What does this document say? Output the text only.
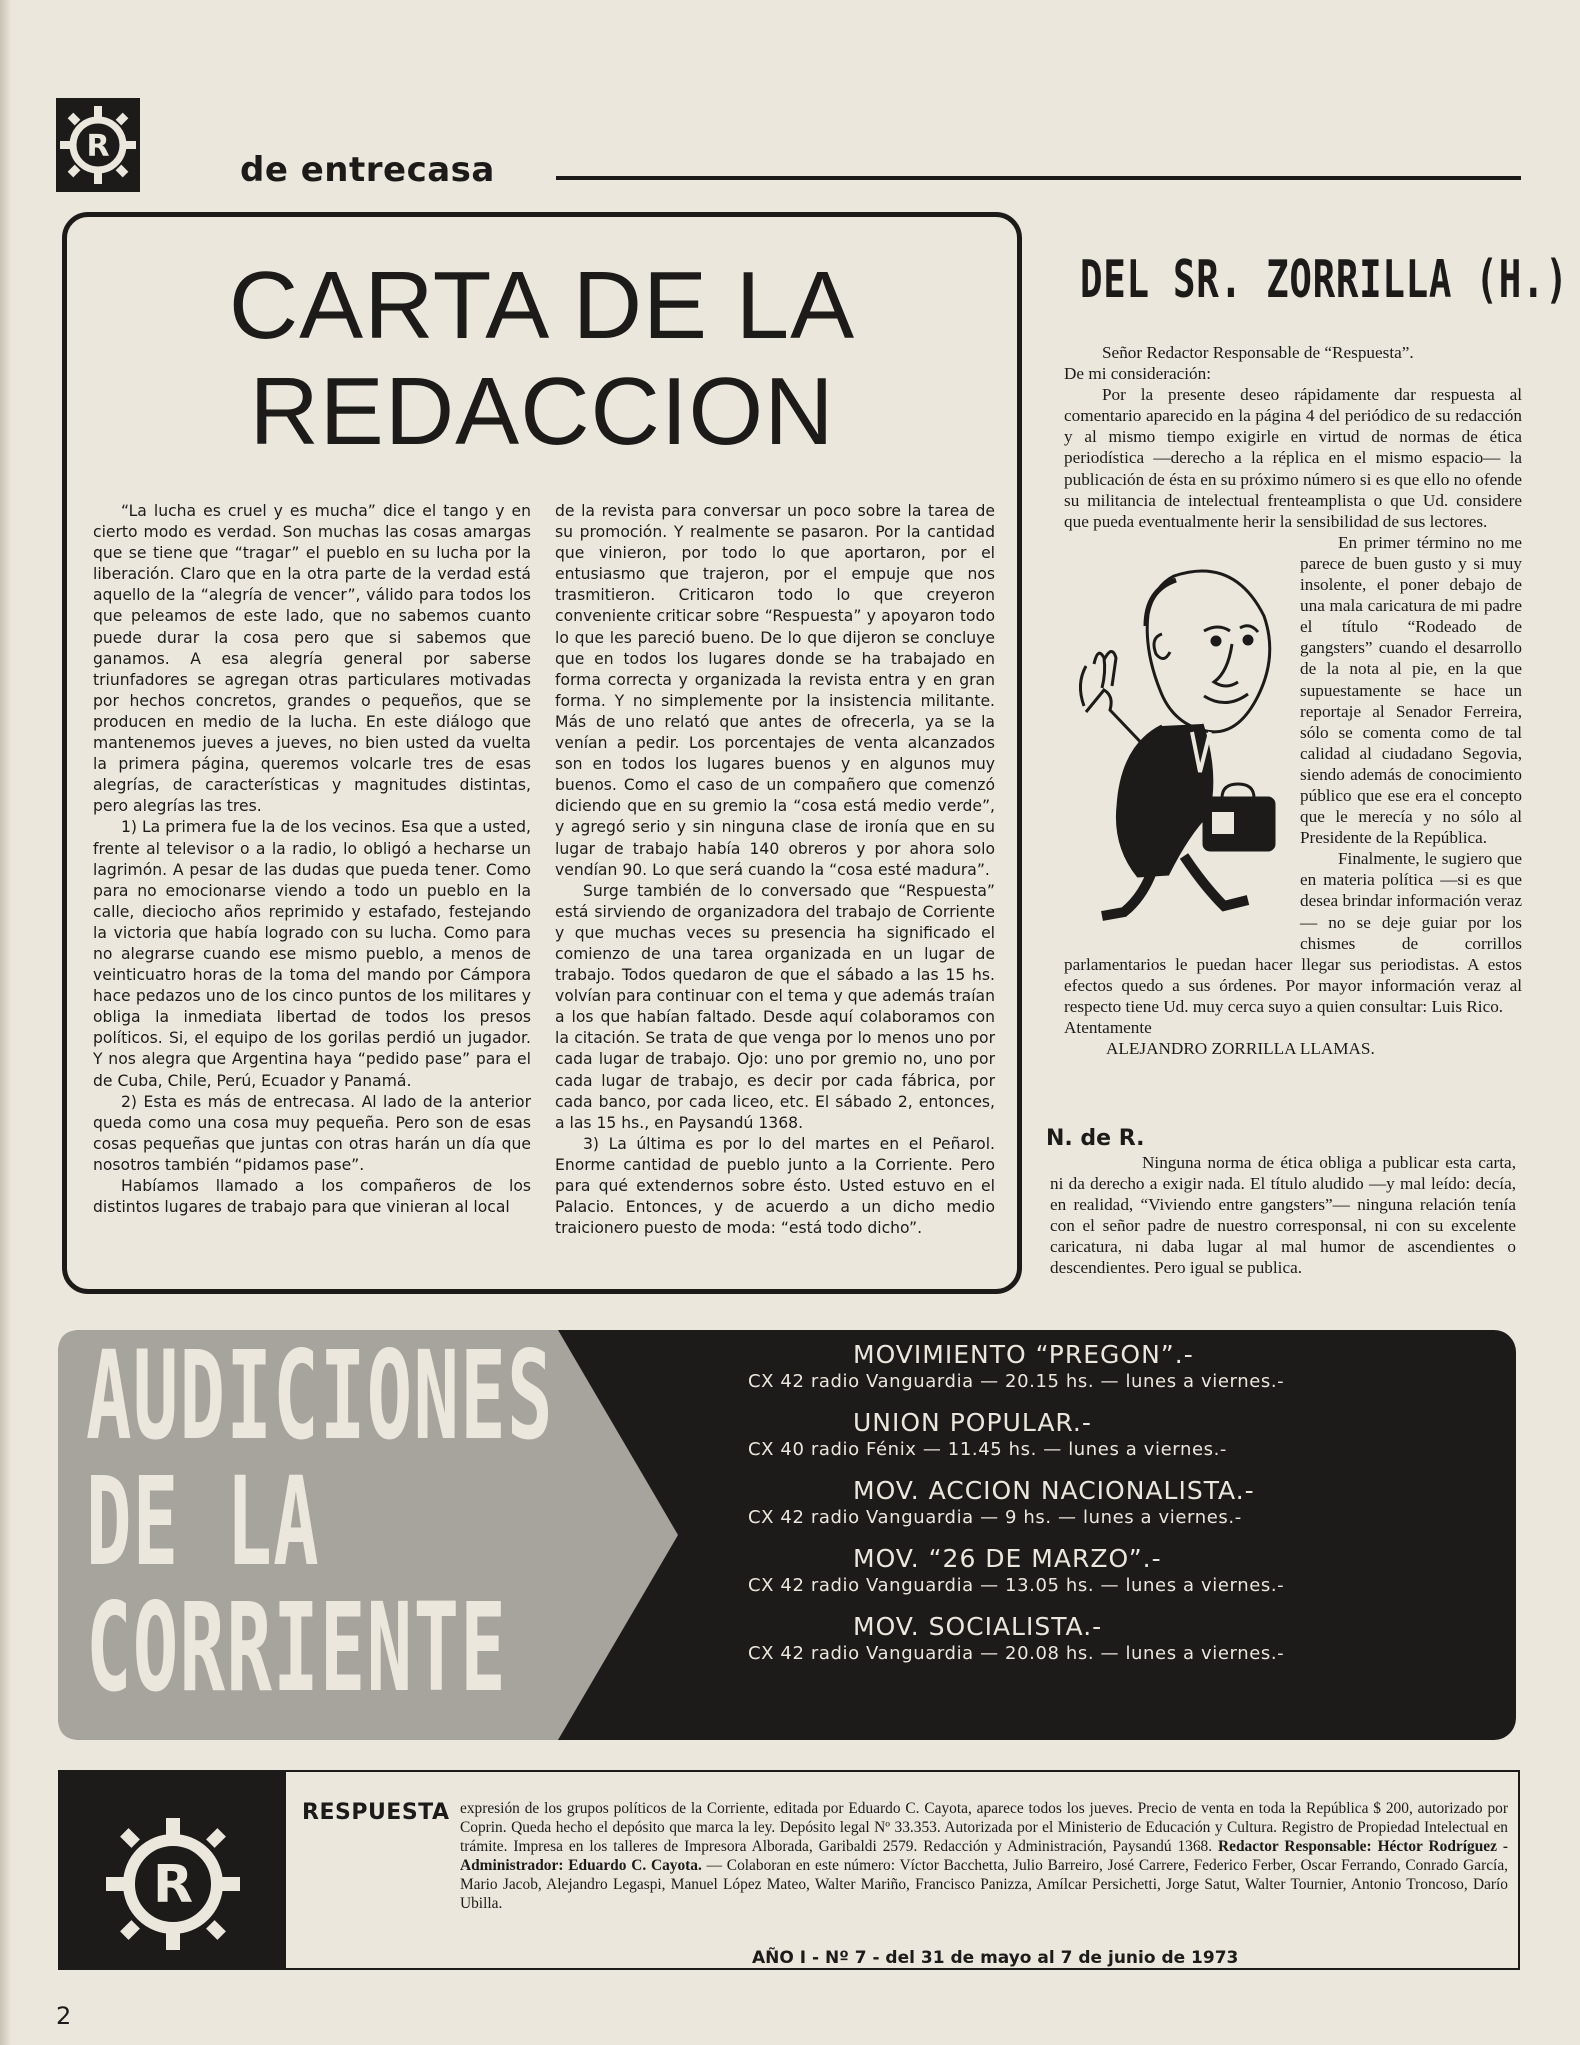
R
de entrecasa
CARTA DE LA
REDACCION

“La lucha es cruel y es mucha” dice el tango y en cierto modo es verdad. Son muchas las cosas amargas que se tiene que “tragar” el pueblo en su lucha por la liberación. Claro que en la otra parte de la verdad está aquello de la “alegría de vencer”, válido para todos los que peleamos de este lado, que no sabemos cuanto puede durar la cosa pero que si sabemos que ganamos. A esa alegría general por saberse triunfadores se agregan otras particulares motivadas por hechos concretos, grandes o pequeños, que se producen en medio de la lucha. En este diálogo que mantenemos jueves a jueves, no bien usted da vuelta la primera página, queremos volcarle tres de esas alegrías, de características y magnitudes distintas, pero alegrías las tres.

1) La primera fue la de los vecinos. Esa que a usted, frente al televisor o a la radio, lo obligó a hecharse un lagrimón. A pesar de las dudas que pueda tener. Como para no emocionarse viendo a todo un pueblo en la calle, dieciocho años reprimido y estafado, festejando la victoria que había logrado con su lucha. Como para no alegrarse cuando ese mismo pueblo, a menos de veinticuatro horas de la toma del mando por Cámpora hace pedazos uno de los cinco puntos de los militares y obliga la inmediata libertad de todos los presos políticos. Si, el equipo de los gorilas perdió un jugador. Y nos alegra que Argentina haya “pedido pase” para el de Cuba, Chile, Perú, Ecuador y Panamá.

2) Esta es más de entrecasa. Al lado de la anterior queda como una cosa muy pequeña. Pero son de esas cosas pequeñas que juntas con otras harán un día que nosotros también “pidamos pase”.

Habíamos llamado a los compañeros de los distintos lugares de trabajo para que vinieran al local

de la revista para conversar un poco sobre la tarea de su promoción. Y realmente se pasaron. Por la cantidad que vinieron, por todo lo que aportaron, por el entusiasmo que trajeron, por el empuje que nos trasmitieron. Criticaron todo lo que creyeron conveniente criticar sobre “Respuesta” y apoyaron todo lo que les pareció bueno. De lo que dijeron se concluye que en todos los lugares donde se ha trabajado en forma correcta y organizada la revista entra y en gran forma. Y no simplemente por la insistencia militante. Más de uno relató que antes de ofrecerla, ya se la venían a pedir. Los porcentajes de venta alcanzados son en todos los lugares buenos y en algunos muy buenos. Como el caso de un compañero que comenzó diciendo que en su gremio la “cosa está medio verde”, y agregó serio y sin ninguna clase de ironía que en su lugar de trabajo había 140 obreros y por ahora solo vendían 90. Lo que será cuando la “cosa esté madura”.

Surge también de lo conversado que “Respuesta” está sirviendo de organizadora del trabajo de Corriente y que muchas veces su presencia ha significado el comienzo de una tarea organizada en un lugar de trabajo. Todos quedaron de que el sábado a las 15 hs. volvían para continuar con el tema y que además traían a los que habían faltado. Desde aquí colaboramos con la citación. Se trata de que venga por lo menos uno por cada lugar de trabajo. Ojo: uno por gremio no, uno por cada lugar de trabajo, es decir por cada fábrica, por cada banco, por cada liceo, etc. El sábado 2, entonces, a las 15 hs., en Paysandú 1368.

3) La última es por lo del martes en el Peñarol. Enorme cantidad de pueblo junto a la Corriente. Pero para qué extendernos sobre ésto. Usted estuvo en el Palacio. Entonces, y de acuerdo a un dicho medio traicionero puesto de moda: “está todo dicho”.

DEL SR. ZORRILLA (H.)

Señor Redactor Responsable de “Respuesta”.

De mi consideración:

Por la presente deseo rápidamente dar respuesta al comentario aparecido en la página 4 del periódico de su redacción y al mismo tiempo exigirle en virtud de normas de ética periodística —derecho a la réplica en el mismo espacio— la publicación de ésta en su próximo número si es que ello no ofende su militancia de intelectual frenteamplista o que Ud. considere que pueda eventualmente herir la sensibilidad de sus lectores.

En primer término no me parece de buen gusto y si muy insolente, el poner debajo de una mala caricatura de mi padre el título “Rodeado de gangsters” cuando el desarrollo de la nota al pie, en la que supuestamente se hace un reportaje al Senador Ferreira, sólo se comenta como de tal calidad al ciudadano Segovia, siendo además de conocimiento público que ese era el concepto que le merecía y no sólo al Presidente de la República.

Finalmente, le sugiero que en materia política —si es que desea brindar información veraz— no se deje guiar por los chismes de corrillos parlamentarios le puedan hacer llegar sus periodistas. A estos efectos quedo a sus órdenes. Por mayor información veraz al respecto tiene Ud. muy cerca suyo a quien consultar: Luis Rico.

Atentamente

ALEJANDRO ZORRILLA LLAMAS.

N. de R.

Ninguna norma de ética obliga a publicar esta carta, ni da derecho a exigir nada. El título aludido —y mal leído: decía, en realidad, “Viviendo entre gangsters”— ninguna relación tenía con el señor padre de nuestro corresponsal, ni con su excelente caricatura, ni daba lugar al mal humor de ascendientes o descendientes. Pero igual se publica.

AUDICIONES
DE LA
CORRIENTE
MOVIMIENTO “PREGON”.-
CX 42 radio Vanguardia — 20.15 hs. — lunes a viernes.-
UNION POPULAR.-
CX 40 radio Fénix — 11.45 hs. — lunes a viernes.-
MOV. ACCION NACIONALISTA.-
CX 42 radio Vanguardia — 9 hs. — lunes a viernes.-
MOV. “26 DE MARZO”.-
CX 42 radio Vanguardia — 13.05 hs. — lunes a viernes.-
MOV. SOCIALISTA.-
CX 42 radio Vanguardia — 20.08 hs. — lunes a viernes.-
R
RESPUESTA expresión de los grupos políticos de la Corriente, editada por Eduardo C. Cayota, aparece todos los jueves. Precio de venta en toda la República $ 200, autorizado por Coprin. Queda hecho el depósito que marca la ley. Depósito legal Nº 33.353. Autorizada por el Ministerio de Educación y Cultura. Registro de Propiedad Intelectual en trámite. Impresa en los talleres de Impresora Alborada, Garibaldi 2579. Redacción y Administración, Paysandú 1368. Redactor Responsable: Héctor Rodríguez - Administrador: Eduardo C. Cayota. — Colaboran en este número: Víctor Bacchetta, Julio Barreiro, José Carrere, Federico Ferber, Oscar Ferrando, Conrado García, Mario Jacob, Alejandro Legaspi, Manuel López Mateo, Walter Mariño, Francisco Panizza, Amílcar Persichetti, Jorge Satut, Walter Tournier, Antonio Troncoso, Darío Ubilla.

AÑO I - Nº 7 - del 31 de mayo al 7 de junio de 1973
2
